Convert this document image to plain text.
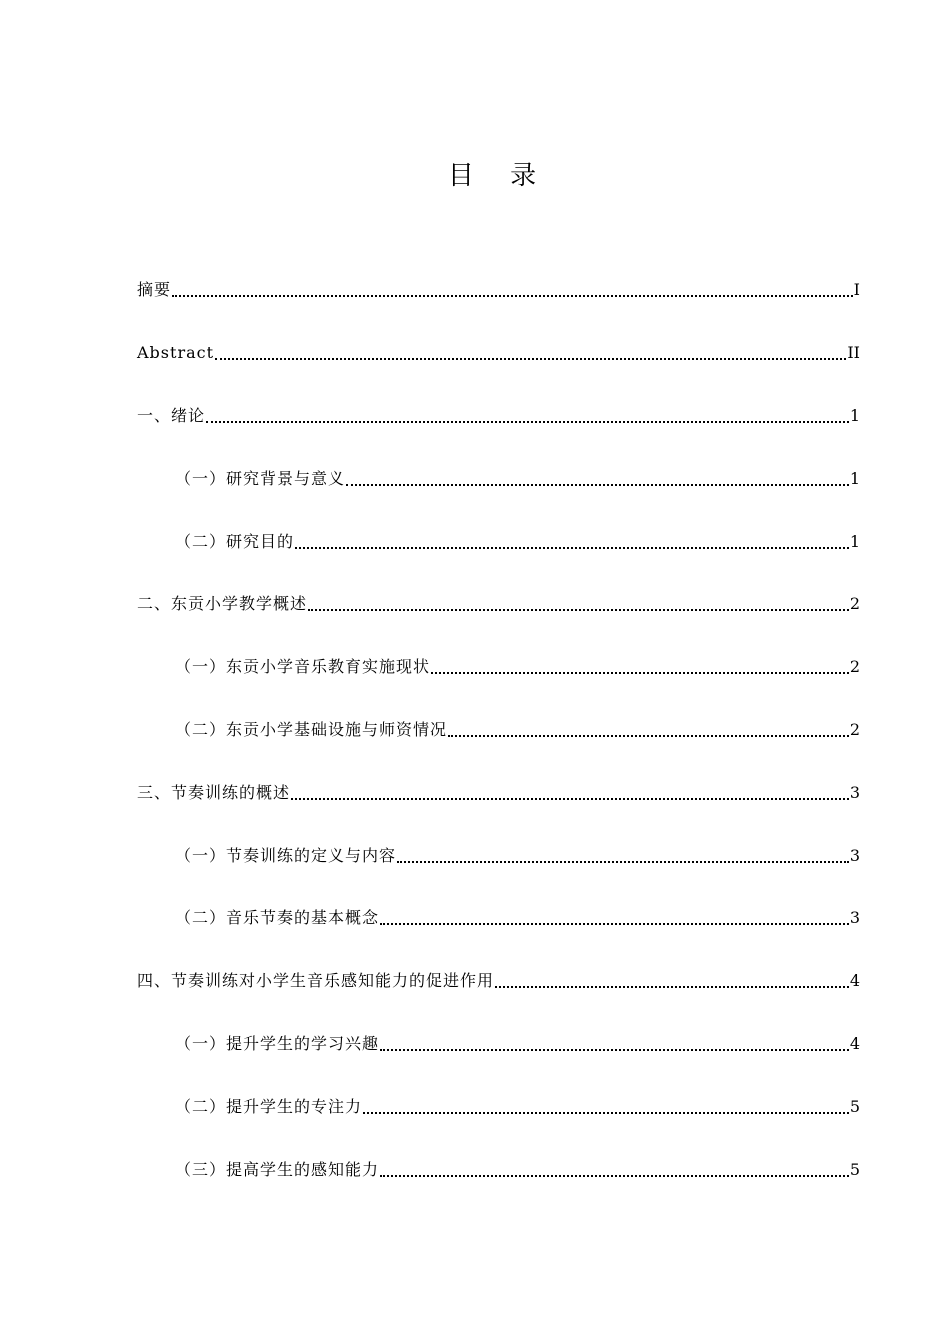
目 录
摘要	I
Abstract	II
一、绪论	1
（一）研究背景与意义	1
（二）研究目的	1
二、东贡小学教学概述	2
（一）东贡小学音乐教育实施现状	2
（二）东贡小学基础设施与师资情况	2
三、节奏训练的概述	3
（一）节奏训练的定义与内容	3
（二）音乐节奏的基本概念	3
四、节奏训练对小学生音乐感知能力的促进作用	4
（一）提升学生的学习兴趣	4
（二）提升学生的专注力	5
（三）提高学生的感知能力	5
